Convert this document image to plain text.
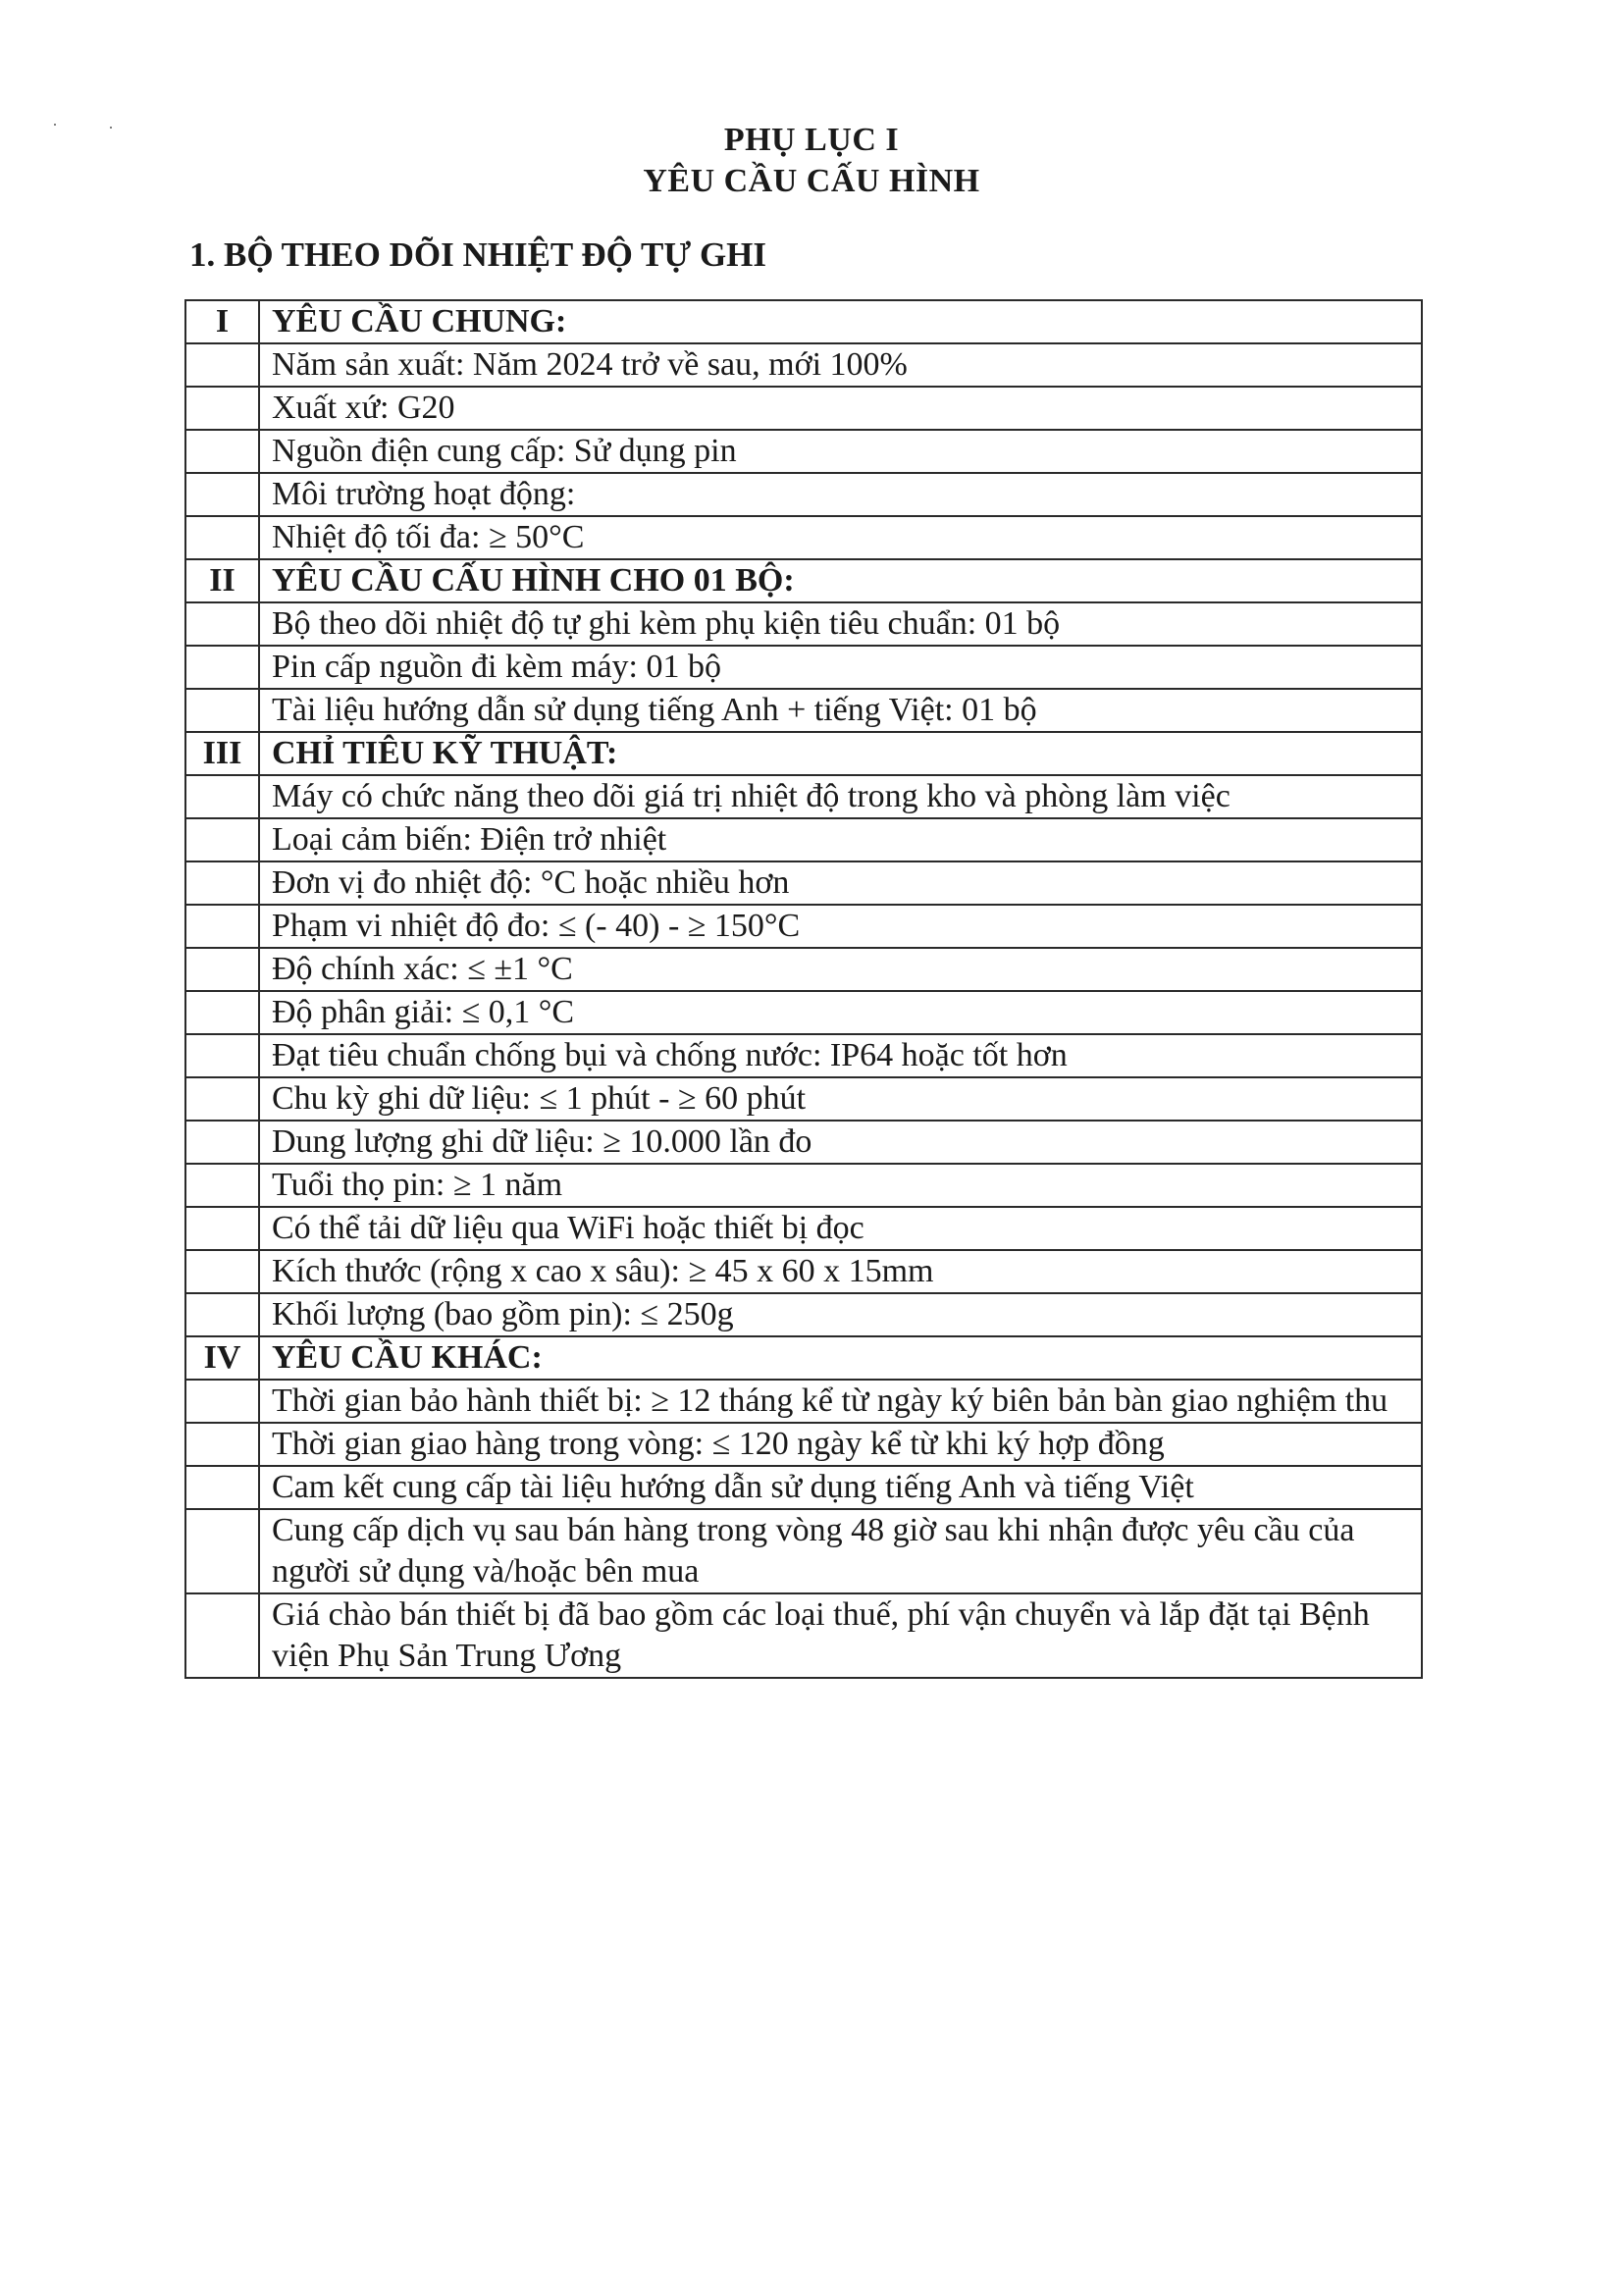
PHỤ LỤC I
YÊU CẦU CẤU HÌNH
1. BỘ THEO DÕI NHIỆT ĐỘ TỰ GHI
I	YÊU CẦU CHUNG:
	Năm sản xuất: Năm 2024 trở về sau, mới 100%
	Xuất xứ: G20
	Nguồn điện cung cấp: Sử dụng pin
	Môi trường hoạt động:
	Nhiệt độ tối đa: ≥ 50°C
II	YÊU CẦU CẤU HÌNH CHO 01 BỘ:
	Bộ theo dõi nhiệt độ tự ghi kèm phụ kiện tiêu chuẩn: 01 bộ
	Pin cấp nguồn đi kèm máy: 01 bộ
	Tài liệu hướng dẫn sử dụng tiếng Anh + tiếng Việt: 01 bộ
III	CHỈ TIÊU KỸ THUẬT:
	Máy có chức năng theo dõi giá trị nhiệt độ trong kho và phòng làm việc
	Loại cảm biến: Điện trở nhiệt
	Đơn vị đo nhiệt độ: °C hoặc nhiều hơn
	Phạm vi nhiệt độ đo: ≤ (- 40) - ≥ 150°C
	Độ chính xác: ≤ ±1 °C
	Độ phân giải: ≤ 0,1 °C
	Đạt tiêu chuẩn chống bụi và chống nước: IP64 hoặc tốt hơn
	Chu kỳ ghi dữ liệu: ≤ 1 phút - ≥ 60 phút
	Dung lượng ghi dữ liệu: ≥ 10.000 lần đo
	Tuổi thọ pin: ≥ 1 năm
	Có thể tải dữ liệu qua WiFi hoặc thiết bị đọc
	Kích thước (rộng x cao x sâu): ≥ 45 x 60 x 15mm
	Khối lượng (bao gồm pin): ≤ 250g
IV	YÊU CẦU KHÁC:
	Thời gian bảo hành thiết bị: ≥ 12 tháng kể từ ngày ký biên bản bàn giao nghiệm thu
	Thời gian giao hàng trong vòng: ≤ 120 ngày kể từ khi ký hợp đồng
	Cam kết cung cấp tài liệu hướng dẫn sử dụng tiếng Anh và tiếng Việt
	Cung cấp dịch vụ sau bán hàng trong vòng 48 giờ sau khi nhận được yêu cầu của người sử dụng và/hoặc bên mua
	Giá chào bán thiết bị đã bao gồm các loại thuế, phí vận chuyển và lắp đặt tại Bệnh viện Phụ Sản Trung Ương
